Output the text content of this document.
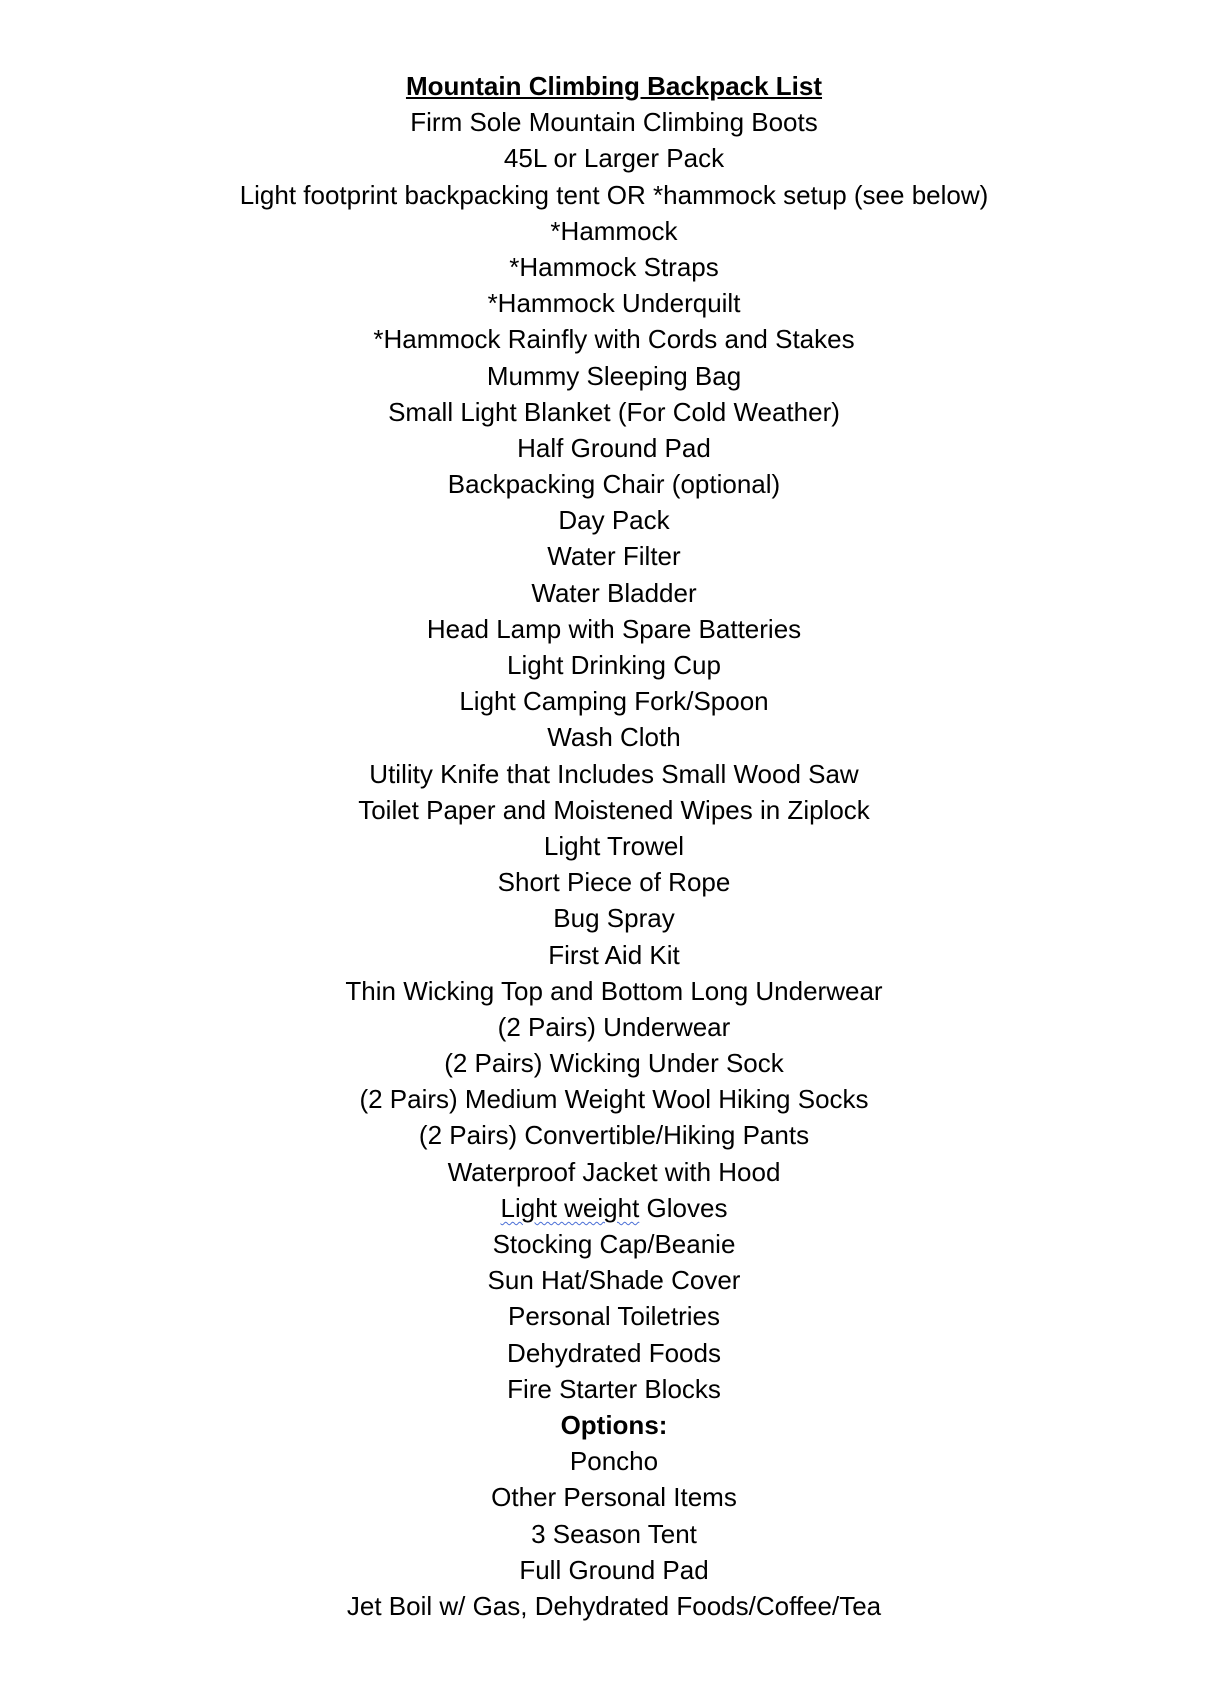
Mountain Climbing Backpack List
Firm Sole Mountain Climbing Boots
45L or Larger Pack
Light footprint backpacking tent OR *hammock setup (see below)
*Hammock
*Hammock Straps
*Hammock Underquilt
*Hammock Rainfly with Cords and Stakes
Mummy Sleeping Bag
Small Light Blanket (For Cold Weather)
Half Ground Pad
Backpacking Chair (optional)
Day Pack
Water Filter
Water Bladder
Head Lamp with Spare Batteries
Light Drinking Cup
Light Camping Fork/Spoon
Wash Cloth
Utility Knife that Includes Small Wood Saw
Toilet Paper and Moistened Wipes in Ziplock
Light Trowel
Short Piece of Rope
Bug Spray
First Aid Kit
Thin Wicking Top and Bottom Long Underwear
(2 Pairs) Underwear
(2 Pairs) Wicking Under Sock
(2 Pairs) Medium Weight Wool Hiking Socks
(2 Pairs) Convertible/Hiking Pants
Waterproof Jacket with Hood
Light weight Gloves
Stocking Cap/Beanie
Sun Hat/Shade Cover
Personal Toiletries
Dehydrated Foods
Fire Starter Blocks
Options:
Poncho
Other Personal Items
3 Season Tent
Full Ground Pad
Jet Boil w/ Gas, Dehydrated Foods/Coffee/Tea
